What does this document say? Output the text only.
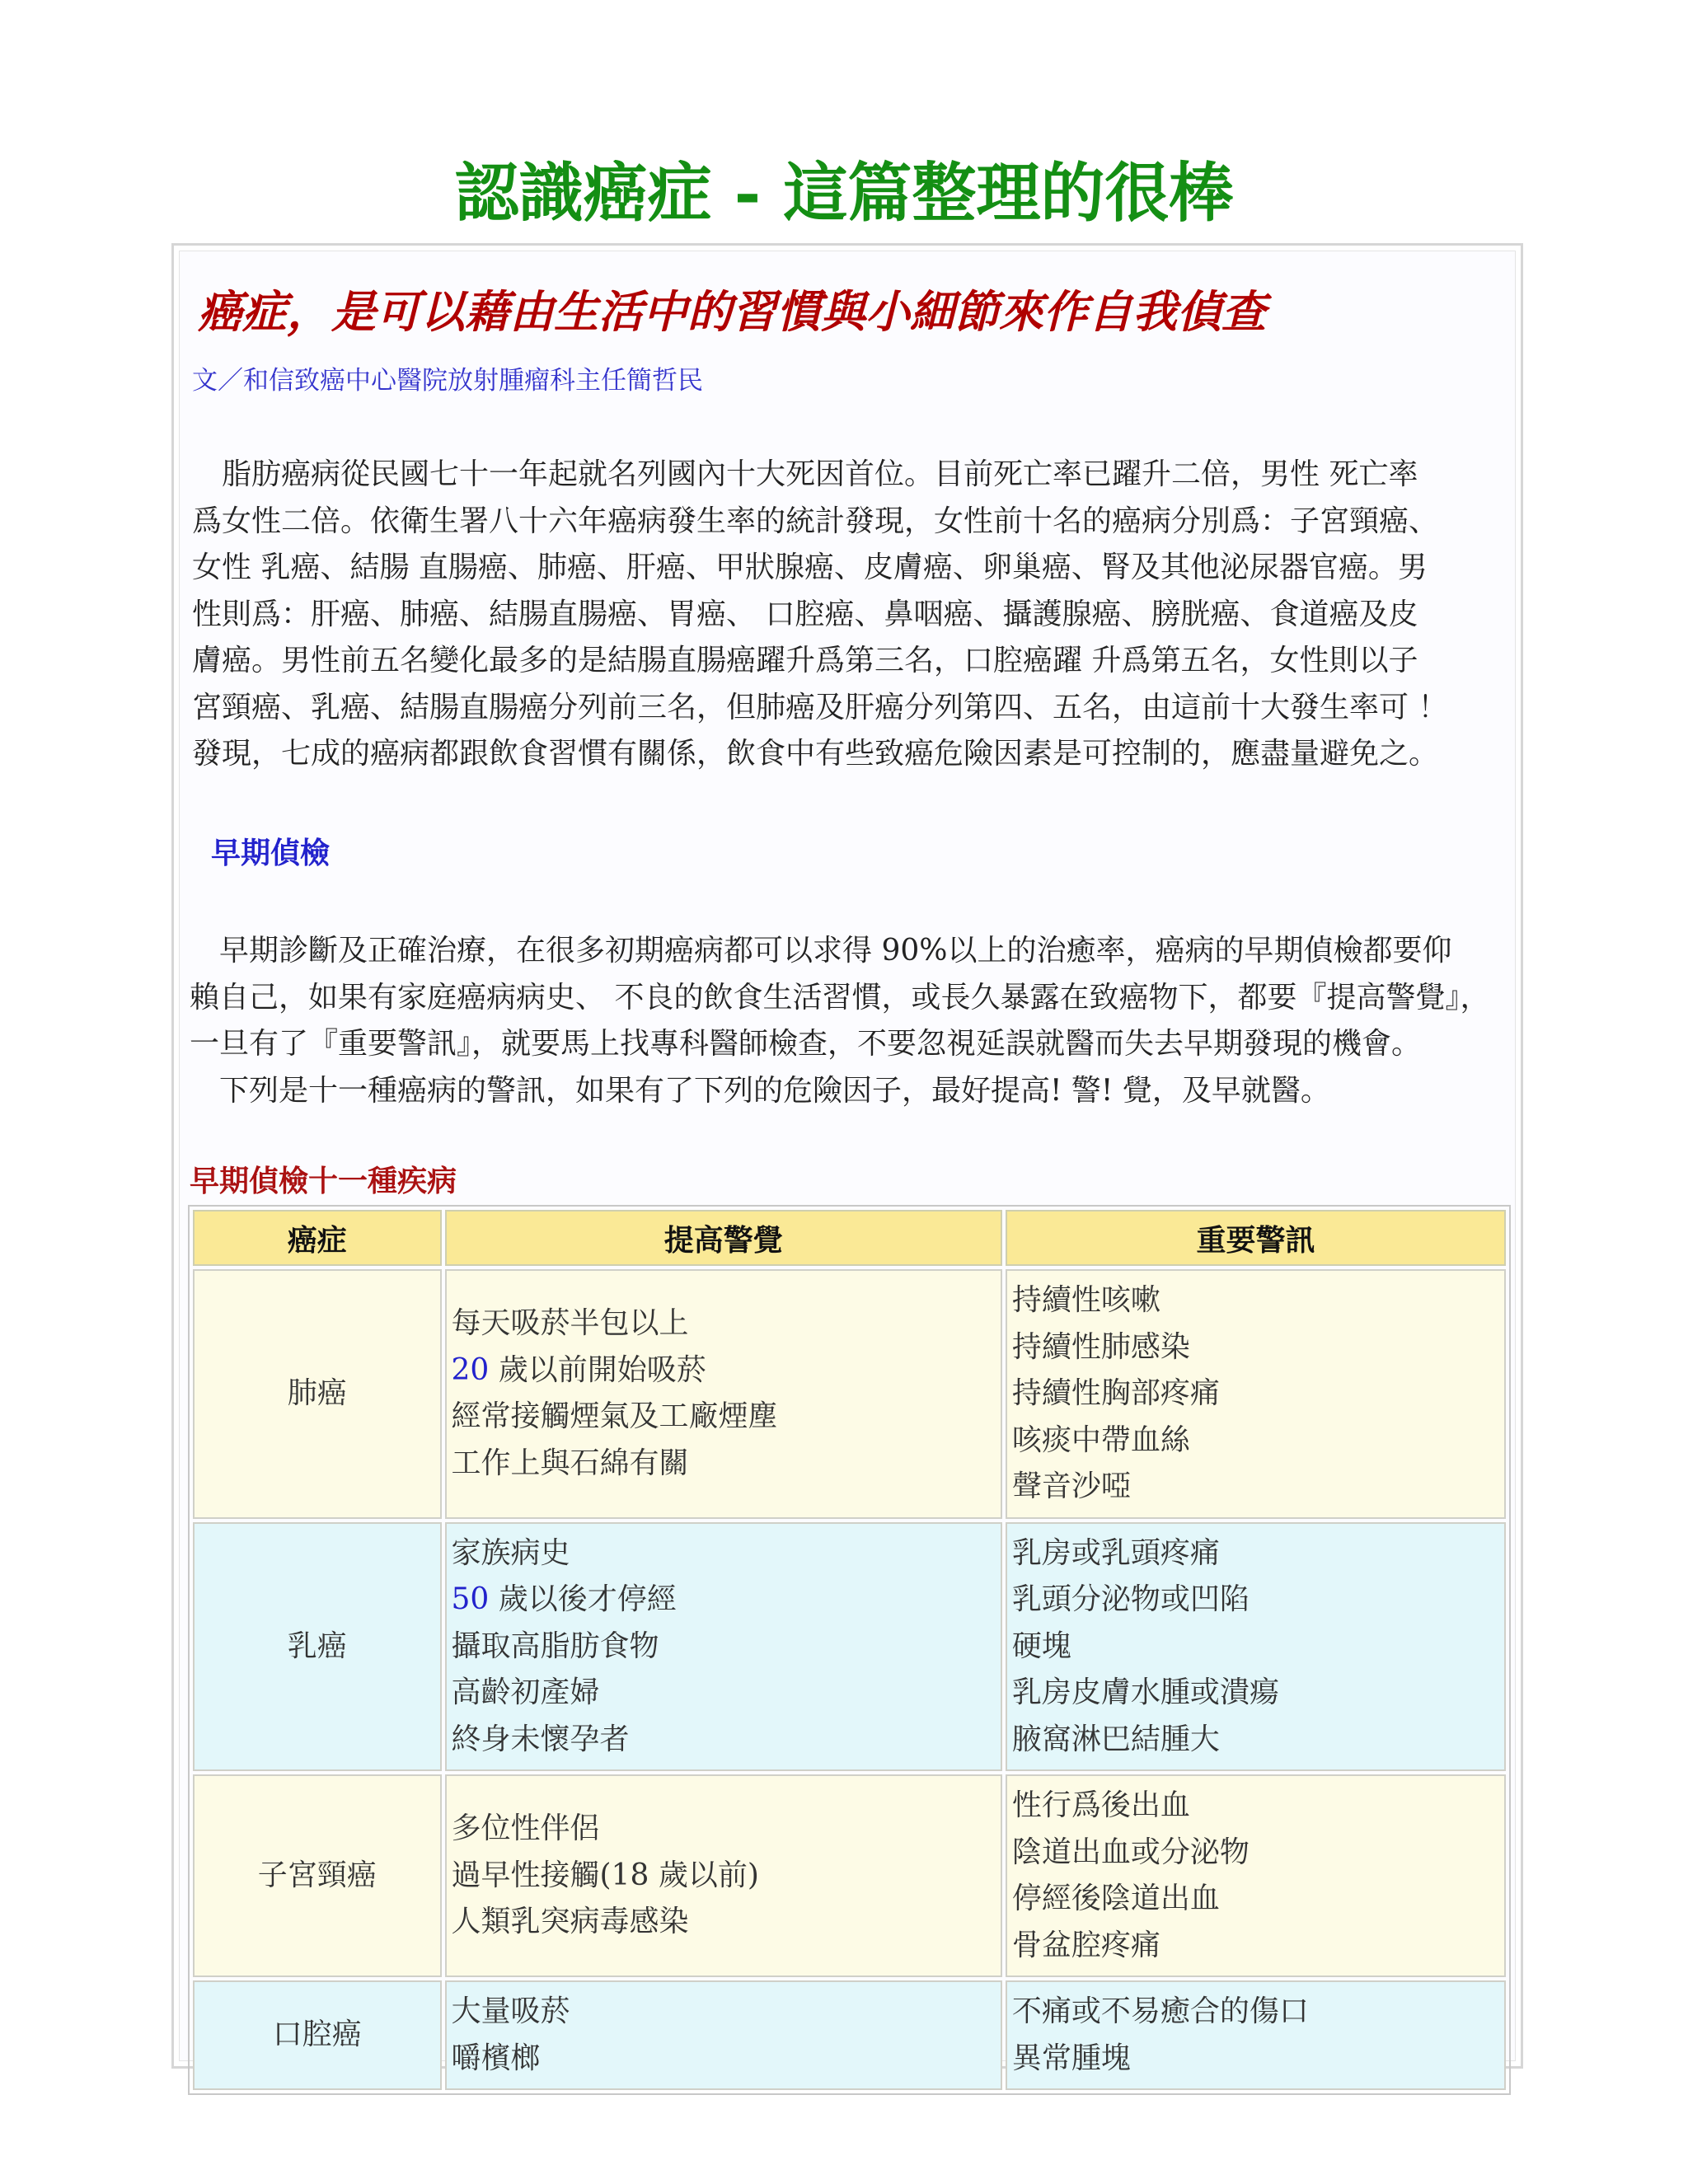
認識癌症 - 這篇整理的很棒
癌症，是可以藉由生活中的習慣與小細節來作自我偵查
文／和信致癌中心醫院放射腫瘤科主任簡哲民

脂肪癌病從民國七十一年起就名列國內十大死因首位。目前死亡率已躍升二倍，男性 死亡率
爲女性二倍。依衛生署八十六年癌病發生率的統計發現，女性前十名的癌病分別爲：子宮頸癌、
女性 乳癌、結腸 直腸癌、肺癌、肝癌、甲狀腺癌、皮膚癌、卵巢癌、腎及其他泌尿器官癌。男
性則爲：肝癌、肺癌、結腸直腸癌、胃癌、 口腔癌、鼻咽癌、攝護腺癌、膀胱癌、食道癌及皮
膚癌。男性前五名變化最多的是結腸直腸癌躍升爲第三名，口腔癌躍 升爲第五名，女性則以子
宮頸癌、乳癌、結腸直腸癌分列前三名，但肺癌及肝癌分列第四、五名，由這前十大發生率可 ！
發現，七成的癌病都跟飲食習慣有關係，飲食中有些致癌危險因素是可控制的，應盡量避免之。

早期偵檢

早期診斷及正確治療，在很多初期癌病都可以求得 90%以上的治癒率，癌病的早期偵檢都要仰
賴自己，如果有家庭癌病病史、 不良的飲食生活習慣，或長久暴露在致癌物下，都要『提高警覺』，
一旦有了『重要警訊』，就要馬上找專科醫師檢查，不要忽視延誤就醫而失去早期發現的機會。
下列是十一種癌病的警訊，如果有了下列的危險因子，最好提高! 警! 覺，及早就醫。

早期偵檢十一種疾病
癌症	提高警覺	重要警訊
肺癌	每天吸菸半包以上
20 歲以前開始吸菸
經常接觸煙氣及工廠煙塵
工作上與石綿有關	持續性咳嗽
持續性肺感染
持續性胸部疼痛
咳痰中帶血絲
聲音沙啞

乳癌	家族病史
50 歲以後才停經
攝取高脂肪食物
高齡初產婦
終身未懷孕者	乳房或乳頭疼痛
乳頭分泌物或凹陷
硬塊
乳房皮膚水腫或潰瘍
腋窩淋巴結腫大

子宮頸癌	多位性伴侶
過早性接觸(18 歲以前)
人類乳突病毒感染	性行爲後出血
陰道出血或分泌物
停經後陰道出血
骨盆腔疼痛

口腔癌	大量吸菸
嚼檳榔	不痛或不易癒合的傷口
異常腫塊
